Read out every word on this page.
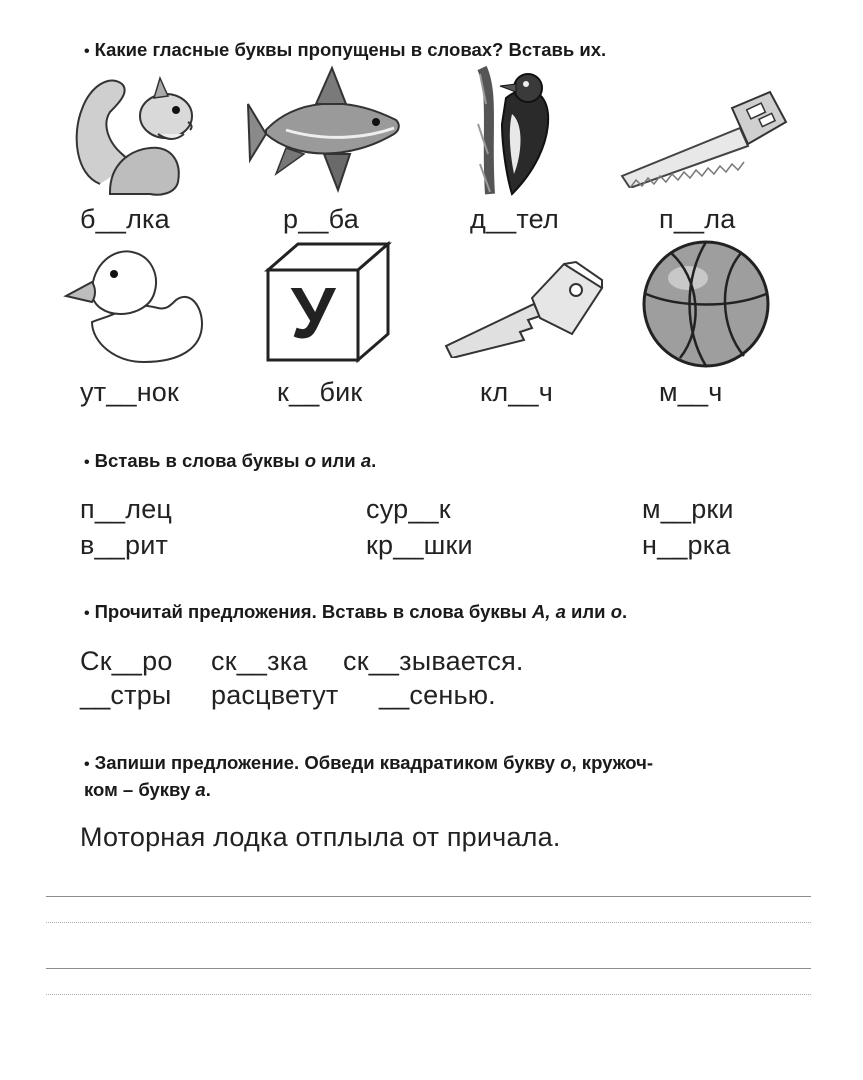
• Какие гласные буквы пропущены в словах? Вставь их.
б__лка	р__ба	д__тел	п__ла
У
ут__нок	к__бик	кл__ч	м__ч
• Вставь в слова буквы о или а.
п__лец	сур__к	м__рки
в__рит	кр__шки	н__рка
• Прочитай предложения. Вставь в слова буквы А, а или о.
Ск__ро ск__зка ск__зывается.
__стры расцветут __сенью.
• Запиши предложение. Обведи квадратиком букву о, кружоч-
ком – букву а.
Моторная лодка отплыла от причала.
